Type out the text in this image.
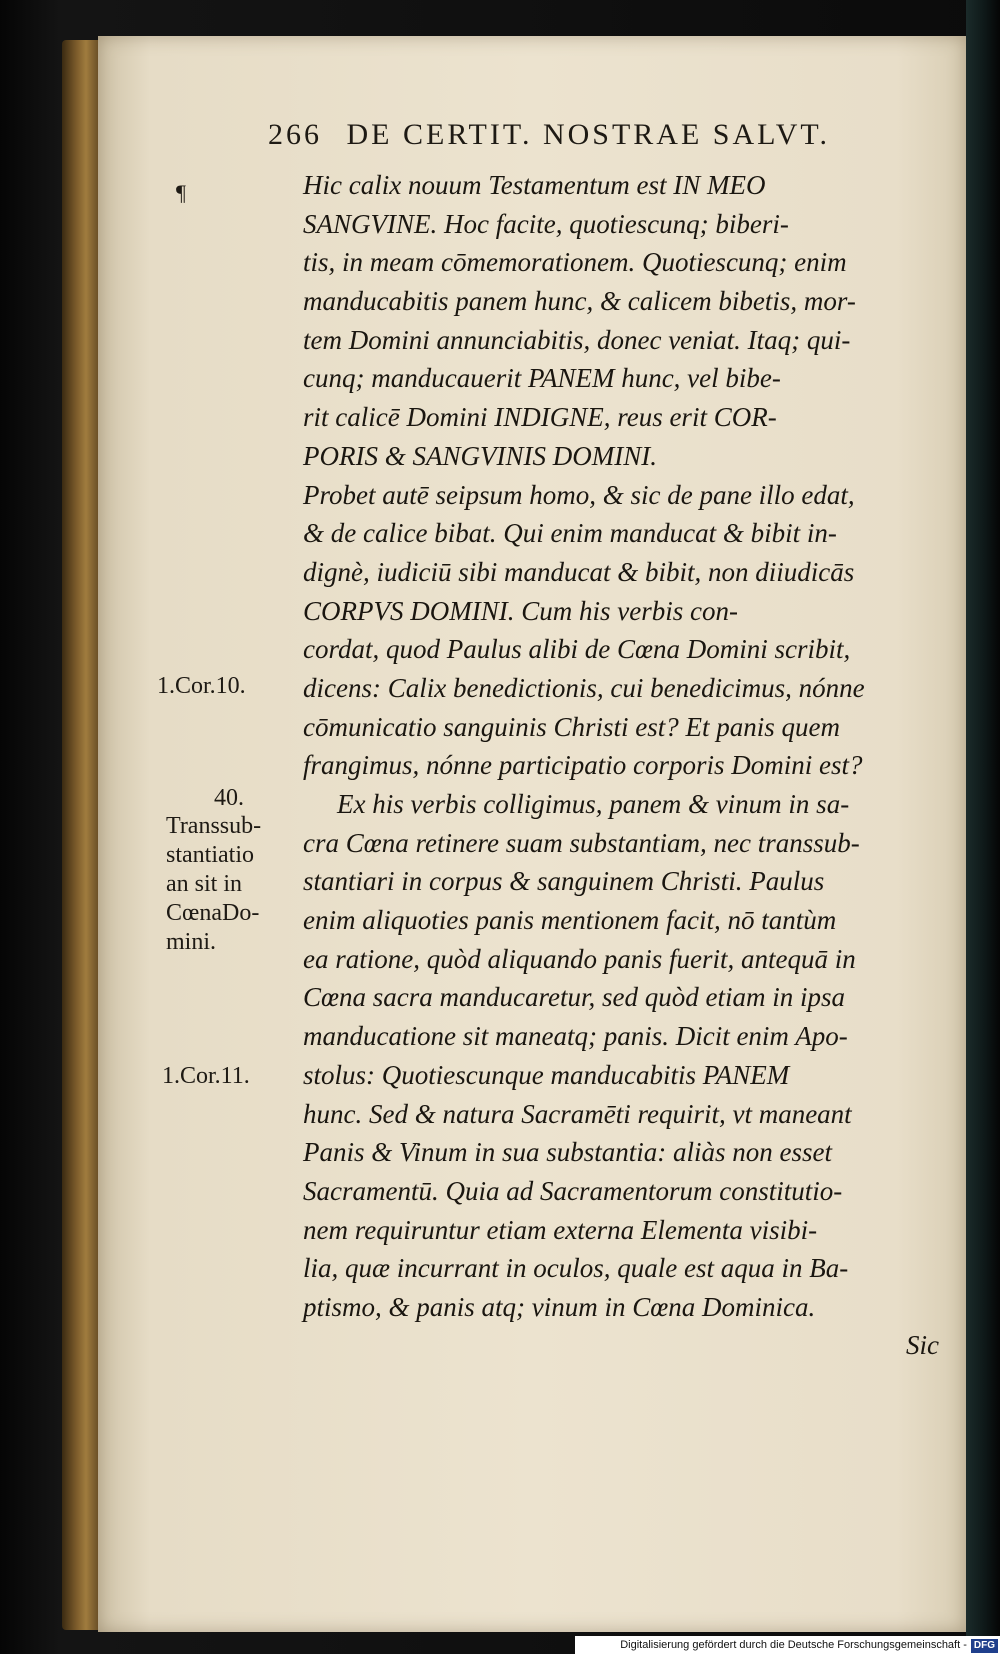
266 DE CERTIT. NOSTRAE SALVT.
Hic calix nouum Testamentum est IN MEO
SANGVINE. Hoc facite, quotiescunq; biberi-
tis, in meam cōmemorationem. Quotiescunq; enim
manducabitis panem hunc, & calicem bibetis, mor-
tem Domini annunciabitis, donec veniat. Itaq; qui-
cunq; manducauerit PANEM hunc, vel bibe-
rit calicē Domini INDIGNE, reus erit COR-
PORIS & SANGVINIS DOMINI.
Probet autē seipsum homo, & sic de pane illo edat,
& de calice bibat. Qui enim manducat & bibit in-
dignè, iudiciū sibi manducat & bibit, non diiudicās
CORPVS DOMINI. Cum his verbis con-
cordat, quod Paulus alibi de Cœna Domini scribit,
dicens: Calix benedictionis, cui benedicimus, nónne
cōmunicatio sanguinis Christi est? Et panis quem
frangimus, nónne participatio corporis Domini est?
Ex his verbis colligimus, panem & vinum in sa-
cra Cœna retinere suam substantiam, nec transsub-
stantiari in corpus & sanguinem Christi. Paulus
enim aliquoties panis mentionem facit, nō tantùm
ea ratione, quòd aliquando panis fuerit, antequā in
Cœna sacra manducaretur, sed quòd etiam in ipsa
manducatione sit maneatq; panis. Dicit enim Apo-
stolus: Quotiescunque manducabitis PANEM
hunc. Sed & natura Sacramēti requirit, vt maneant
Panis & Vinum in sua substantia: aliàs non esset
Sacramentū. Quia ad Sacramentorum constitutio-
nem requiruntur etiam externa Elementa visibi-
lia, quæ incurrant in oculos, quale est aqua in Ba-
ptismo, & panis atq; vinum in Cœna Dominica.
Sic
¶
1.Cor.10.
40.
Transsub-
stantiatio
an sit in
CœnaDo-
mini.
1.Cor.11.
Digitalisierung gefördert durch die Deutsche Forschungsgemeinschaft - DFG
